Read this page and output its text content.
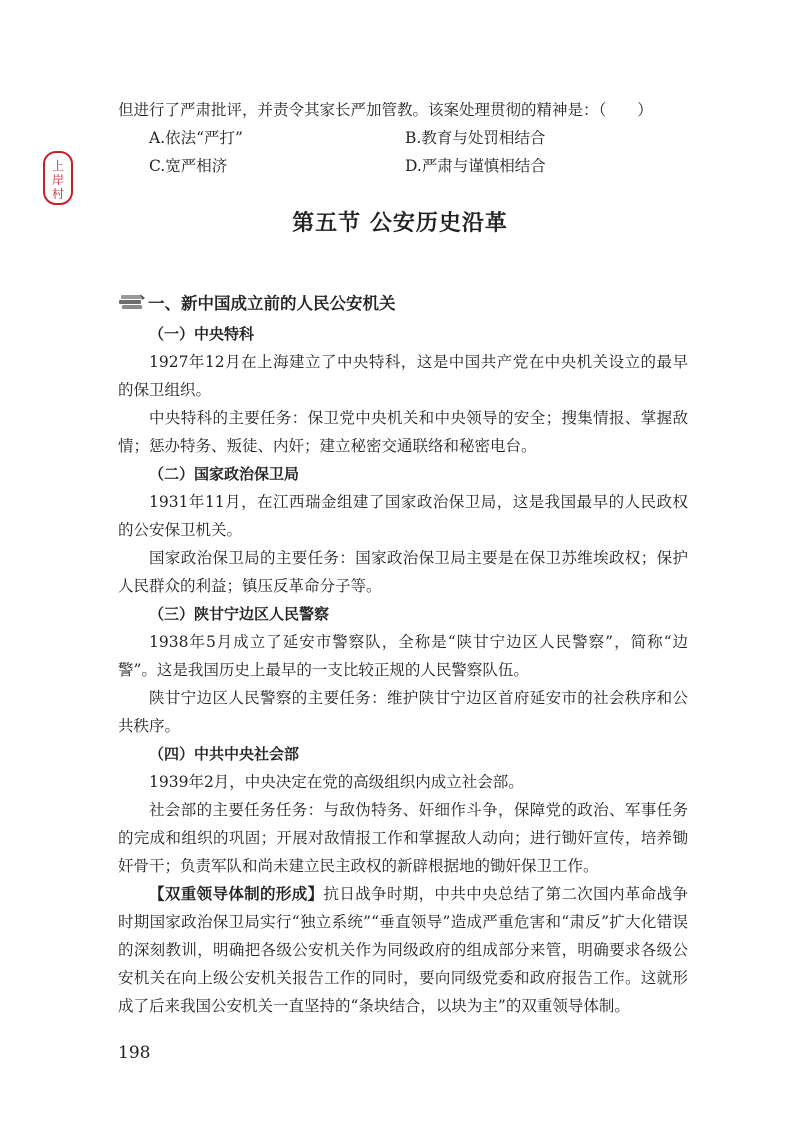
上
岸
村

但进行了严肃批评，并责令其家长严加管教。该案处理贯彻的精神是：（　　）

A.依法“严打”	B.教育与处罚相结合

C.宽严相济	D.严肃与谨慎相结合

第五节 公安历史沿革
一、新中国成立前的人民公安机关

（一）中央特科

1927年12月在上海建立了中央特科，这是中国共产党在中央机关设立的最早的保卫组织。

中央特科的主要任务：保卫党中央机关和中央领导的安全；搜集情报、掌握敌情；惩办特务、叛徒、内奸；建立秘密交通联络和秘密电台。

（二）国家政治保卫局

1931年11月，在江西瑞金组建了国家政治保卫局，这是我国最早的人民政权的公安保卫机关。

国家政治保卫局的主要任务：国家政治保卫局主要是在保卫苏维埃政权；保护人民群众的利益；镇压反革命分子等。

（三）陕甘宁边区人民警察

1938年5月成立了延安市警察队，全称是“陕甘宁边区人民警察”，简称“边警”。这是我国历史上最早的一支比较正规的人民警察队伍。

陕甘宁边区人民警察的主要任务：维护陕甘宁边区首府延安市的社会秩序和公共秩序。

（四）中共中央社会部

1939年2月，中央决定在党的高级组织内成立社会部。

社会部的主要任务任务：与敌伪特务、奸细作斗争，保障党的政治、军事任务的完成和组织的巩固；开展对敌情报工作和掌握敌人动向；进行锄奸宣传，培养锄奸骨干；负责军队和尚未建立民主政权的新辟根据地的锄奸保卫工作。

【双重领导体制的形成】抗日战争时期，中共中央总结了第二次国内革命战争时期国家政治保卫局实行“独立系统”“垂直领导”造成严重危害和“肃反”扩大化错误的深刻教训，明确把各级公安机关作为同级政府的组成部分来管，明确要求各级公安机关在向上级公安机关报告工作的同时，要向同级党委和政府报告工作。这就形成了后来我国公安机关一直坚持的“条块结合，以块为主”的双重领导体制。

198
